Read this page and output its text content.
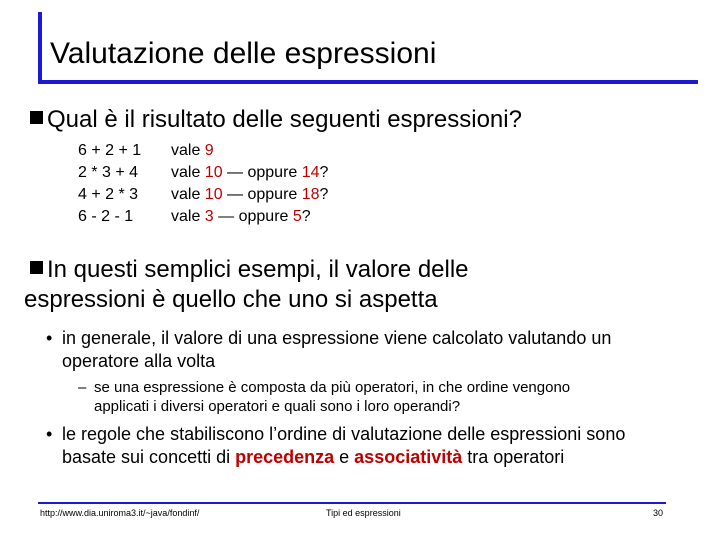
Valutazione delle espressioni
Qual è il risultato delle seguenti espressioni?
6 + 2 + 1	vale 9
2 * 3 + 4	vale 10 — oppure 14?
4 + 2 * 3	vale 10 — oppure 18?
6 - 2 - 1	vale 3 — oppure 5?
In questi semplici esempi, il valore delle
espressioni è quello che uno si aspetta
• in generale, il valore di una espressione viene calcolato valutando un
operatore alla volta
– se una espressione è composta da più operatori, in che ordine vengono
applicati i diversi operatori e quali sono i loro operandi?
• le regole che stabiliscono l’ordine di valutazione delle espressioni sono
basate sui concetti di precedenza e associatività tra operatori
http://www.dia.uniroma3.it/~java/fondinf/	Tipi ed espressioni	30
